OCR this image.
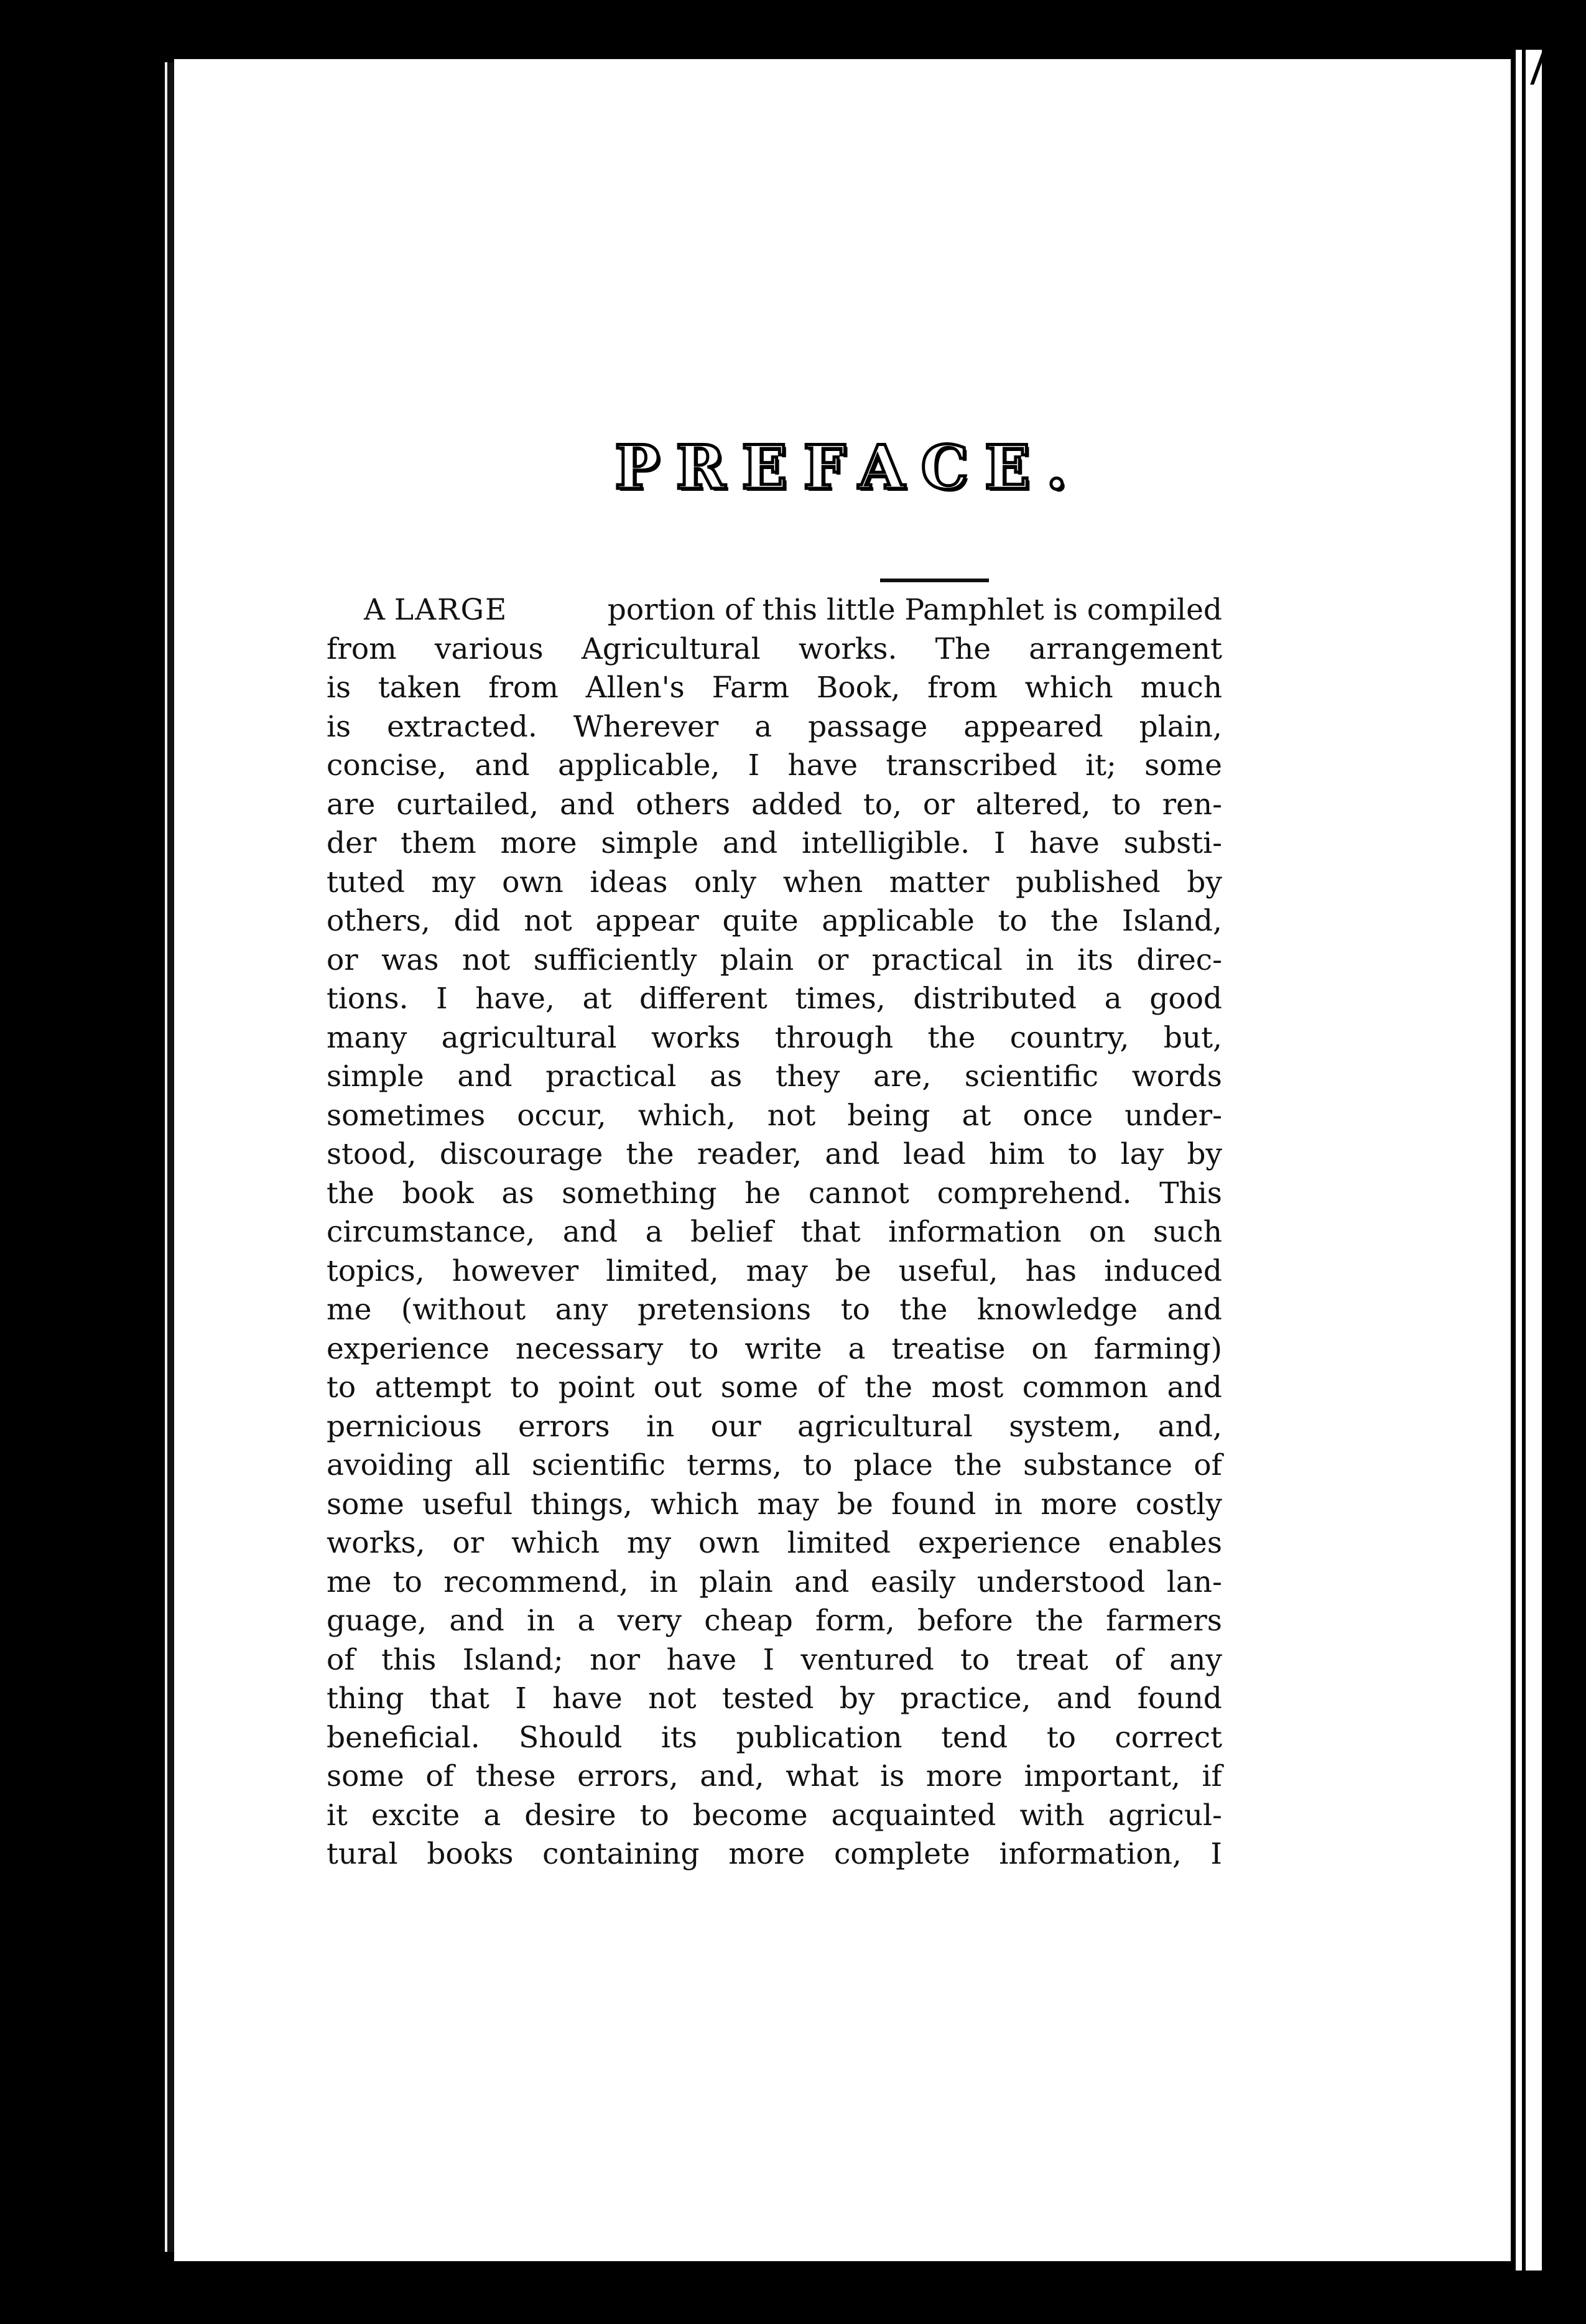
PREFACE.
A LARGE	portion of this little Pamphlet is compiled
from various Agricultural works. The arrangement
is taken from Allen's Farm Book, from which much
is extracted. Wherever a passage appeared plain,
concise, and applicable, I have transcribed it; some
are curtailed, and others added to, or altered, to ren-
der them more simple and intelligible. I have substi-
tuted my own ideas only when matter published by
others, did not appear quite applicable to the Island,
or was not sufficiently plain or practical in its direc-
tions. I have, at different times, distributed a good
many agricultural works through the country, but,
simple and practical as they are, scientific words
sometimes occur, which, not being at once under-
stood, discourage the reader, and lead him to lay by
the book as something he cannot comprehend. This
circumstance, and a belief that information on such
topics, however limited, may be useful, has induced
me (without any pretensions to the knowledge and
experience necessary to write a treatise on farming)
to attempt to point out some of the most common and
pernicious errors in our agricultural system, and,
avoiding all scientific terms, to place the substance of
some useful things, which may be found in more costly
works, or which my own limited experience enables
me to recommend, in plain and easily understood lan-
guage, and in a very cheap form, before the farmers
of this Island; nor have I ventured to treat of any
thing that I have not tested by practice, and found
beneficial. Should its publication tend to correct
some of these errors, and, what is more important, if
it excite a desire to become acquainted with agricul-
tural books containing more complete information, I
